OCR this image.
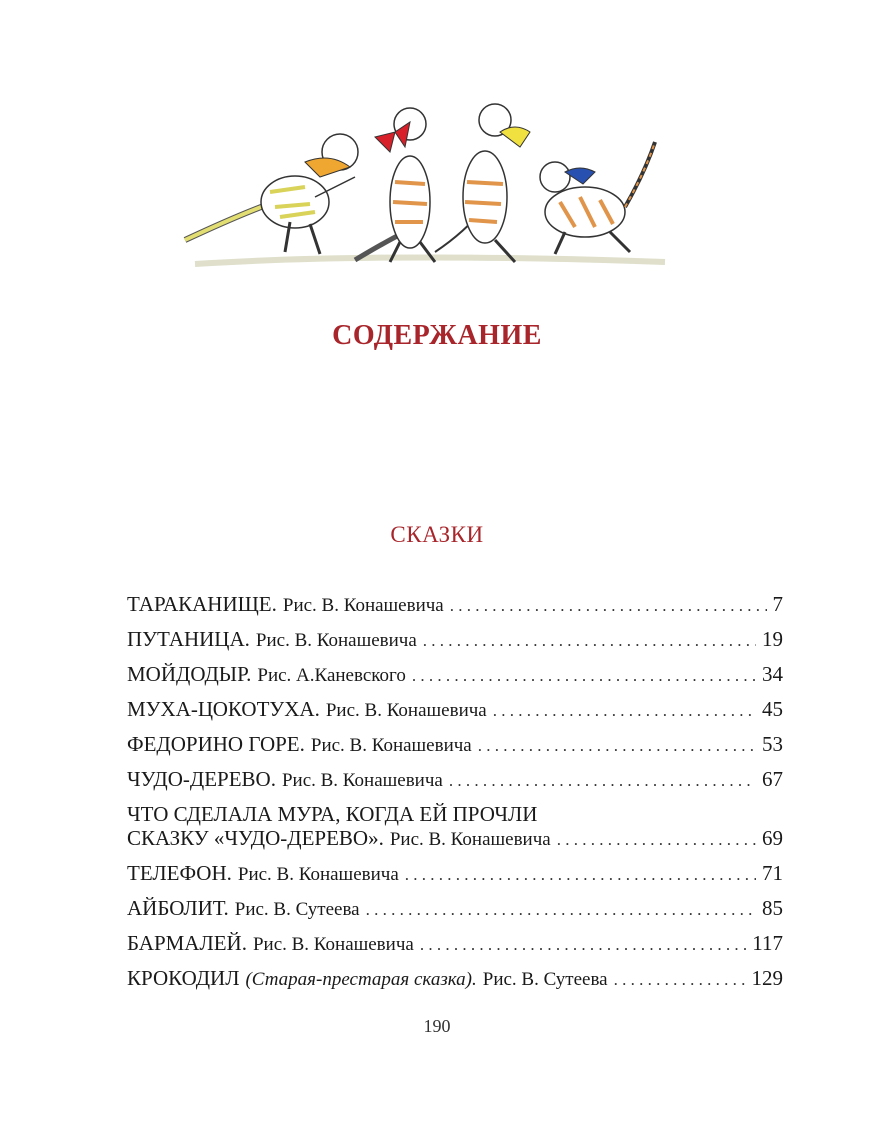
СОДЕРЖАНИЕ
СКАЗКИ
ТАРАКАНИЩЕ. Рис. В. Конашевича . . .	7
ПУТАНИЦА. Рис. В. Конашевича . . .	19
МОЙДОДЫР. Рис. А.Каневского . . .	34
МУХА-ЦОКОТУХА. Рис. В. Конашевича . . .	45
ФЕДОРИНО ГОРЕ. Рис. В. Конашевича . . .	53
ЧУДО-ДЕРЕВО. Рис. В. Конашевича . . .	67
ЧТО СДЕЛАЛА МУРА, КОГДА ЕЙ ПРОЧЛИ
СКАЗКУ «ЧУДО-ДЕРЕВО». Рис. В. Конашевича . . .	69
ТЕЛЕФОН. Рис. В. Конашевича . . .	71
АЙБОЛИТ. Рис. В. Сутеева . . .	85
БАРМАЛЕЙ. Рис. В. Конашевича . . .	117
КРОКОДИЛ (Старая-престарая сказка). Рис. В. Сутеева . . .	129
190
